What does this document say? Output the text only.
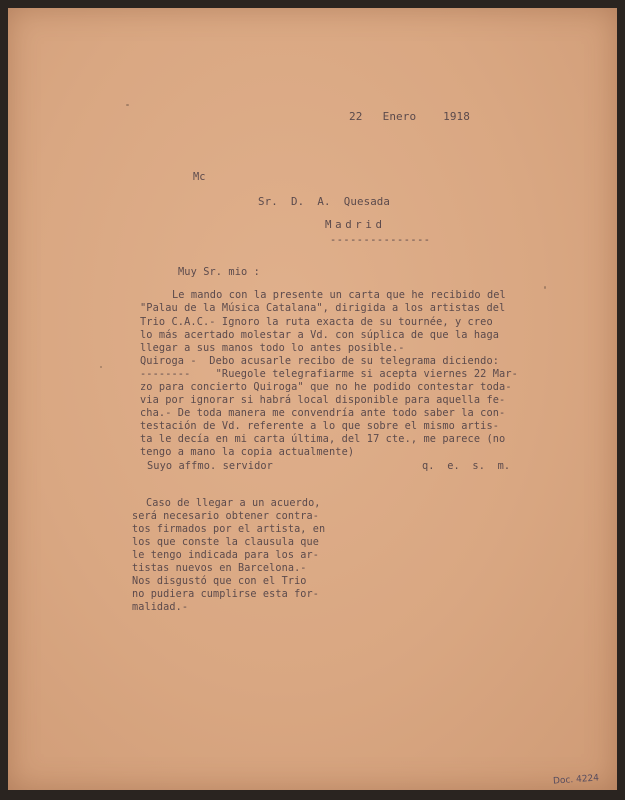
22   Enero    1918
Mc
Sr.  D.  A.  Quesada
Madrid
---------------
Muy Sr. mio :
Le mando con la presente un carta que he recibido del
"Palau de la Música Catalana", dirigida a los artistas del
Trio C.A.C.- Ignoro la ruta exacta de su tournée, y creo
lo más acertado molestar a Vd. con súplica de que la haga
llegar a sus manos todo lo antes posible.-
Quiroga -  Debo acusarle recibo de su telegrama diciendo:
--------    "Ruegole telegrafiarme si acepta viernes 22 Mar-
zo para concierto Quiroga" que no he podido contestar toda-
via por ignorar si habrá local disponible para aquella fe-
cha.- De toda manera me convendría ante todo saber la con-
testación de Vd. referente a lo que sobre el mismo artis-
ta le decía en mi carta última, del 17 cte., me parece (no
tengo a mano la copia actualmente)
Suyo affmo. servidor	q.  e.  s.  m.
Caso de llegar a un acuerdo,
será necesario obtener contra-
tos firmados por el artista, en
los que conste la clausula que
le tengo indicada para los ar-
tistas nuevos en Barcelona.-
Nos disgustó que con el Trio
no pudiera cumplirse esta for-
malidad.-
Doc. 4224
